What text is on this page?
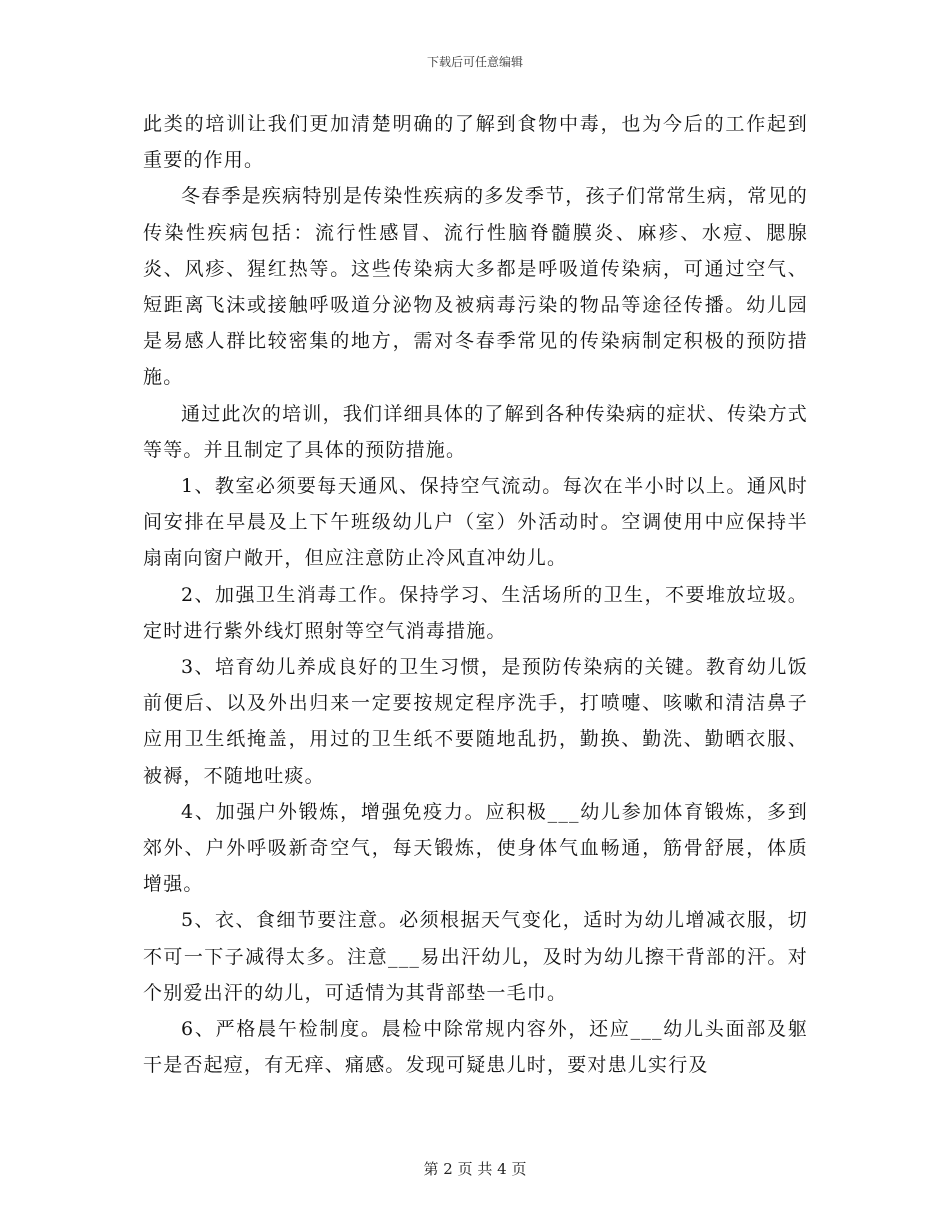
下载后可任意编辑

此类的培训让我们更加清楚明确的了解到食物中毒，也为今后的工作起到重要的作用。

冬春季是疾病特别是传染性疾病的多发季节，孩子们常常生病，常见的传染性疾病包括：流行性感冒、流行性脑脊髓膜炎、麻疹、水痘、腮腺炎、风疹、猩红热等。这些传染病大多都是呼吸道传染病，可通过空气、短距离飞沫或接触呼吸道分泌物及被病毒污染的物品等途径传播。幼儿园是易感人群比较密集的地方，需对冬春季常见的传染病制定积极的预防措施。

通过此次的培训，我们详细具体的了解到各种传染病的症状、传染方式等等。并且制定了具体的预防措施。

1、教室必须要每天通风、保持空气流动。每次在半小时以上。通风时间安排在早晨及上下午班级幼儿户（室）外活动时。空调使用中应保持半扇南向窗户敞开，但应注意防止冷风直冲幼儿。

2、加强卫生消毒工作。保持学习、生活场所的卫生，不要堆放垃圾。定时进行紫外线灯照射等空气消毒措施。

3、培育幼儿养成良好的卫生习惯，是预防传染病的关键。教育幼儿饭前便后、以及外出归来一定要按规定程序洗手，打喷嚏、咳嗽和清洁鼻子应用卫生纸掩盖，用过的卫生纸不要随地乱扔，勤换、勤洗、勤晒衣服、被褥，不随地吐痰。

4、加强户外锻炼，增强免疫力。应积极___幼儿参加体育锻炼，多到郊外、户外呼吸新奇空气，每天锻炼，使身体气血畅通，筋骨舒展，体质增强。

5、衣、食细节要注意。必须根据天气变化，适时为幼儿增减衣服，切不可一下子减得太多。注意___易出汗幼儿，及时为幼儿擦干背部的汗。对个别爱出汗的幼儿，可适情为其背部垫一毛巾。

6、严格晨午检制度。晨检中除常规内容外，还应___幼儿头面部及躯干是否起痘，有无痒、痛感。发现可疑患儿时，要对患儿实行及

第 2 页 共 4 页
